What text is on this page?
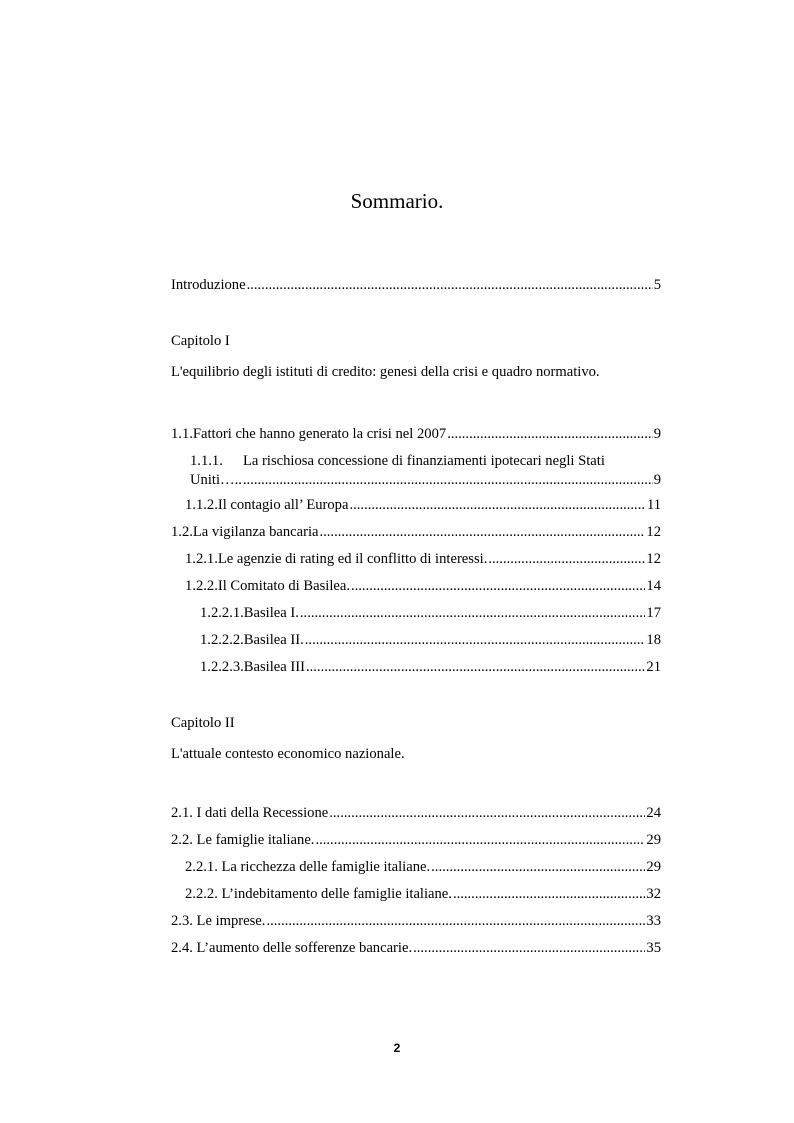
Sommario.
Introduzione .....	5
Capitolo I
L'equilibrio degli istituti di credito: genesi della crisi e quadro normativo.
1.1. Fattori che hanno generato la crisi nel 2007 .....	9
1.1.1.	La rischiosa concessione di finanziamenti ipotecari negli Stati
Uniti….. .....	9
1.1.2. Il contagio all’ Europa .....	11
1.2. La vigilanza bancaria .....	12
1.2.1. Le agenzie di rating ed il conflitto di interessi. .....	12
1.2.2. Il Comitato di Basilea. .....	14
1.2.2.1. Basilea I. .....	17
1.2.2.2. Basilea II. .....	18
1.2.2.3. Basilea III .....	21
Capitolo II
L'attuale contesto economico nazionale.
2.1. I dati della Recessione .....	24
2.2. Le famiglie italiane. .....	29
2.2.1. La ricchezza delle famiglie italiane. .....	29
2.2.2. L’indebitamento delle famiglie italiane. .....	32
2.3. Le imprese. .....	33
2.4. L’aumento delle sofferenze bancarie. .....	35
2
